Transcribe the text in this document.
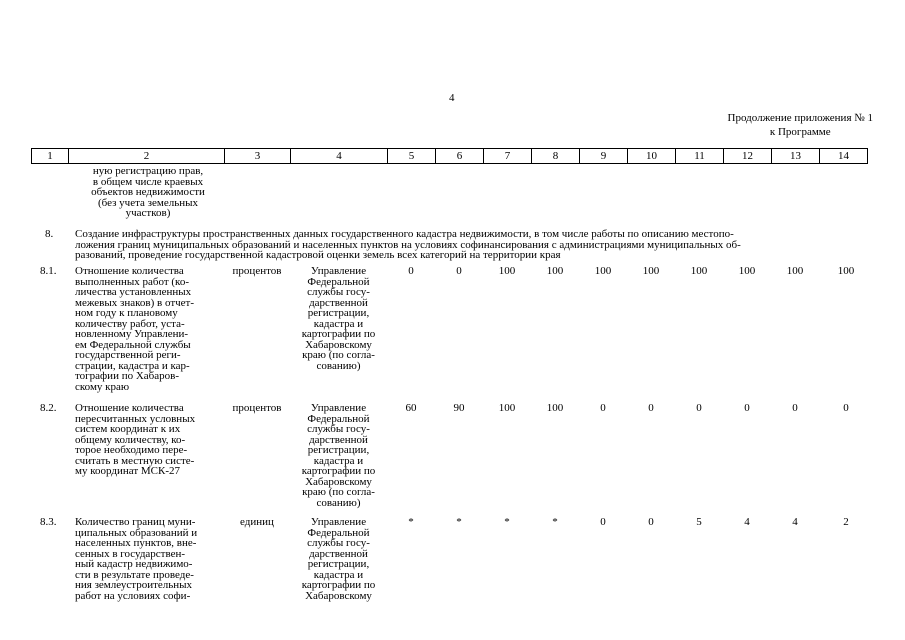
4
Продолжение приложения № 1
к Программе
1	2	3	4	5	6	7	8	9	10	11	12	13	14
ную регистрацию прав,
в общем числе краевых
объектов недвижимости
(без учета земельных
участков)
8. Создание инфраструктуры пространственных данных государственного кадастра недвижимости, в том числе работы по описанию местопо-
ложения границ муниципальных образований и населенных пунктов на условиях софинансирования с администрациями муниципальных об-
разований, проведение государственной кадастровой оценки земель всех категорий на территории края
8.1. Отношение количества
выполненных работ (ко-
личества установленных
межевых знаков) в отчет-
ном году к плановому
количеству работ, уста-
новленному Управлени-
ем Федеральной службы
государственной реги-
страции, кадастра и кар-
тографии по Хабаров-
скому краю
процентов	Управление
Федеральной
службы госу-
дарственной
регистрации,
кадастра и
картографии по
Хабаровскому
краю (по согла-
сованию)
0	0	100	100	100	100	100	100	100	100
8.2. Отношение количества
пересчитанных условных
систем координат к их
общему количеству, ко-
торое необходимо пере-
считать в местную систе-
му координат МСК-27
процентов	Управление
Федеральной
службы госу-
дарственной
регистрации,
кадастра и
картографии по
Хабаровскому
краю (по согла-
сованию)
60	90	100	100	0	0	0	0	0	0
8.3. Количество границ муни-
ципальных образований и
населенных пунктов, вне-
сенных в государствен-
ный кадастр недвижимо-
сти в результате проведе-
ния землеустроительных
работ на условиях софи-
единиц	Управление
Федеральной
службы госу-
дарственной
регистрации,
кадастра и
картографии по
Хабаровскому
*	*	*	*	0	0	5	4	4	2
